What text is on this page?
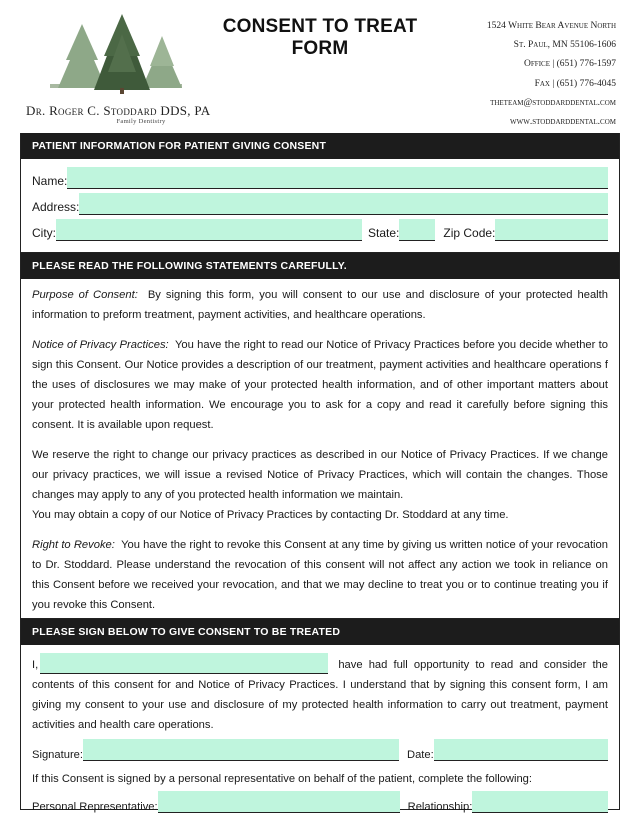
Dr. Roger C. Stoddard DDS, PA
Family Dentistry
CONSENT TO TREAT FORM
1524 White Bear Avenue North
St. Paul, MN 55106-1606
Office | (651) 776-1597
Fax | (651) 776-4045
theteam@stoddarddental.com
www.stoddarddental.com
PATIENT INFORMATION FOR PATIENT GIVING CONSENT
Name:
Address:
City:	State:	Zip Code:
PLEASE READ THE FOLLOWING STATEMENTS CAREFULLY.

Purpose of Consent: By signing this form, you will consent to our use and disclosure of your protected health information to preform treatment, payment activities, and healthcare operations.

Notice of Privacy Practices: You have the right to read our Notice of Privacy Practices before you decide whether to sign this Consent. Our Notice provides a description of our treatment, payment activities and healthcare operations f the uses of disclosures we may make of your protected health information, and of other important matters about your protected health information. We encourage you to ask for a copy and read it carefully before signing this consent. It is available upon request.

We reserve the right to change our privacy practices as described in our Notice of Privacy Practices. If we change our privacy practices, we will issue a revised Notice of Privacy Practices, which will contain the changes. Those changes may apply to any of you protected health information we maintain.

You may obtain a copy of our Notice of Privacy Practices by contacting Dr. Stoddard at any time.

Right to Revoke: You have the right to revoke this Consent at any time by giving us written notice of your revocation to Dr. Stoddard. Please understand the revocation of this consent will not affect any action we took in reliance on this Consent before we received your revocation, and that we may decline to treat you or to continue treating you if you revoke this Consent.

PLEASE SIGN BELOW TO GIVE CONSENT TO BE TREATED
I,	have had full opportunity to read and consider the contents of this consent for and Notice of Privacy Practices. I understand that by signing this consent form, I am giving my consent to your use and disclosure of my protected health information to carry out treatment, payment activities and health care operations.
Signature:	Date:
If this Consent is signed by a personal representative on behalf of the patient, complete the following:
Personal Representative:	Relationship:
